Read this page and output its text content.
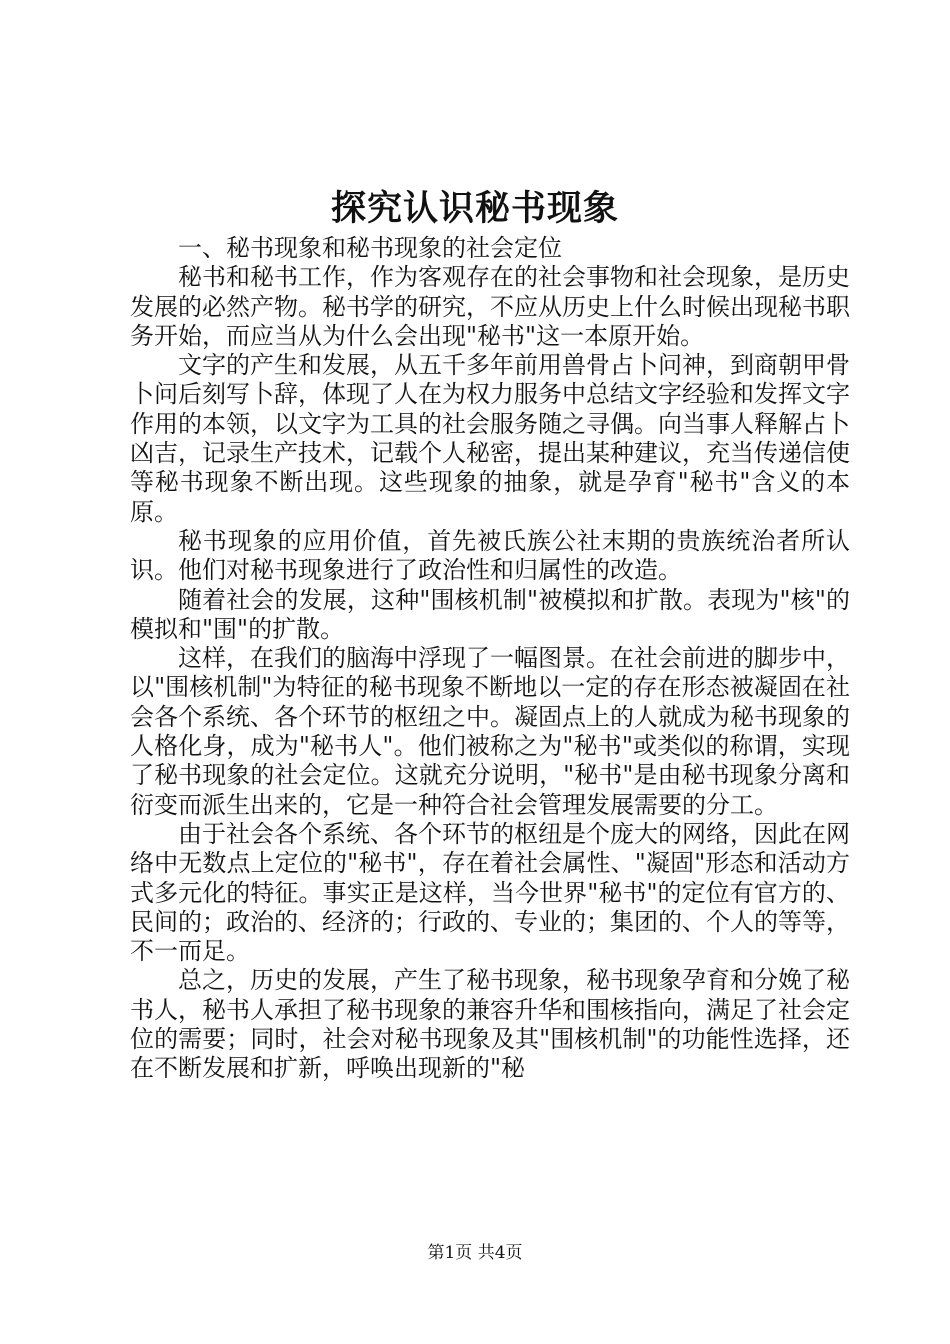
探究认识秘书现象

一、秘书现象和秘书现象的社会定位

秘书和秘书工作，作为客观存在的社会事物和社会现象，是历史发展的必然产物。秘书学的研究，不应从历史上什么时候出现秘书职务开始，而应当从为什么会出现"秘书"这一本原开始。

文字的产生和发展，从五千多年前用兽骨占卜问神，到商朝甲骨卜问后刻写卜辞，体现了人在为权力服务中总结文字经验和发挥文字作用的本领，以文字为工具的社会服务随之寻偶。向当事人释解占卜凶吉，记录生产技术，记载个人秘密，提出某种建议，充当传递信使等秘书现象不断出现。这些现象的抽象，就是孕育"秘书"含义的本原。

秘书现象的应用价值，首先被氏族公社末期的贵族统治者所认识。他们对秘书现象进行了政治性和归属性的改造。

随着社会的发展，这种"围核机制"被模拟和扩散。表现为"核"的模拟和"围"的扩散。

这样，在我们的脑海中浮现了一幅图景。在社会前进的脚步中，以"围核机制"为特征的秘书现象不断地以一定的存在形态被凝固在社会各个系统、各个环节的枢纽之中。凝固点上的人就成为秘书现象的人格化身，成为"秘书人"。他们被称之为"秘书"或类似的称谓，实现了秘书现象的社会定位。这就充分说明，"秘书"是由秘书现象分离和衍变而派生出来的，它是一种符合社会管理发展需要的分工。

由于社会各个系统、各个环节的枢纽是个庞大的网络，因此在网络中无数点上定位的"秘书"，存在着社会属性、"凝固"形态和活动方式多元化的特征。事实正是这样，当今世界"秘书"的定位有官方的、民间的；政治的、经济的；行政的、专业的；集团的、个人的等等，不一而足。

总之，历史的发展，产生了秘书现象，秘书现象孕育和分娩了秘书人，秘书人承担了秘书现象的兼容升华和围核指向，满足了社会定位的需要；同时，社会对秘书现象及其"围核机制"的功能性选择，还在不断发展和扩新，呼唤出现新的"秘

第1页 共4页
